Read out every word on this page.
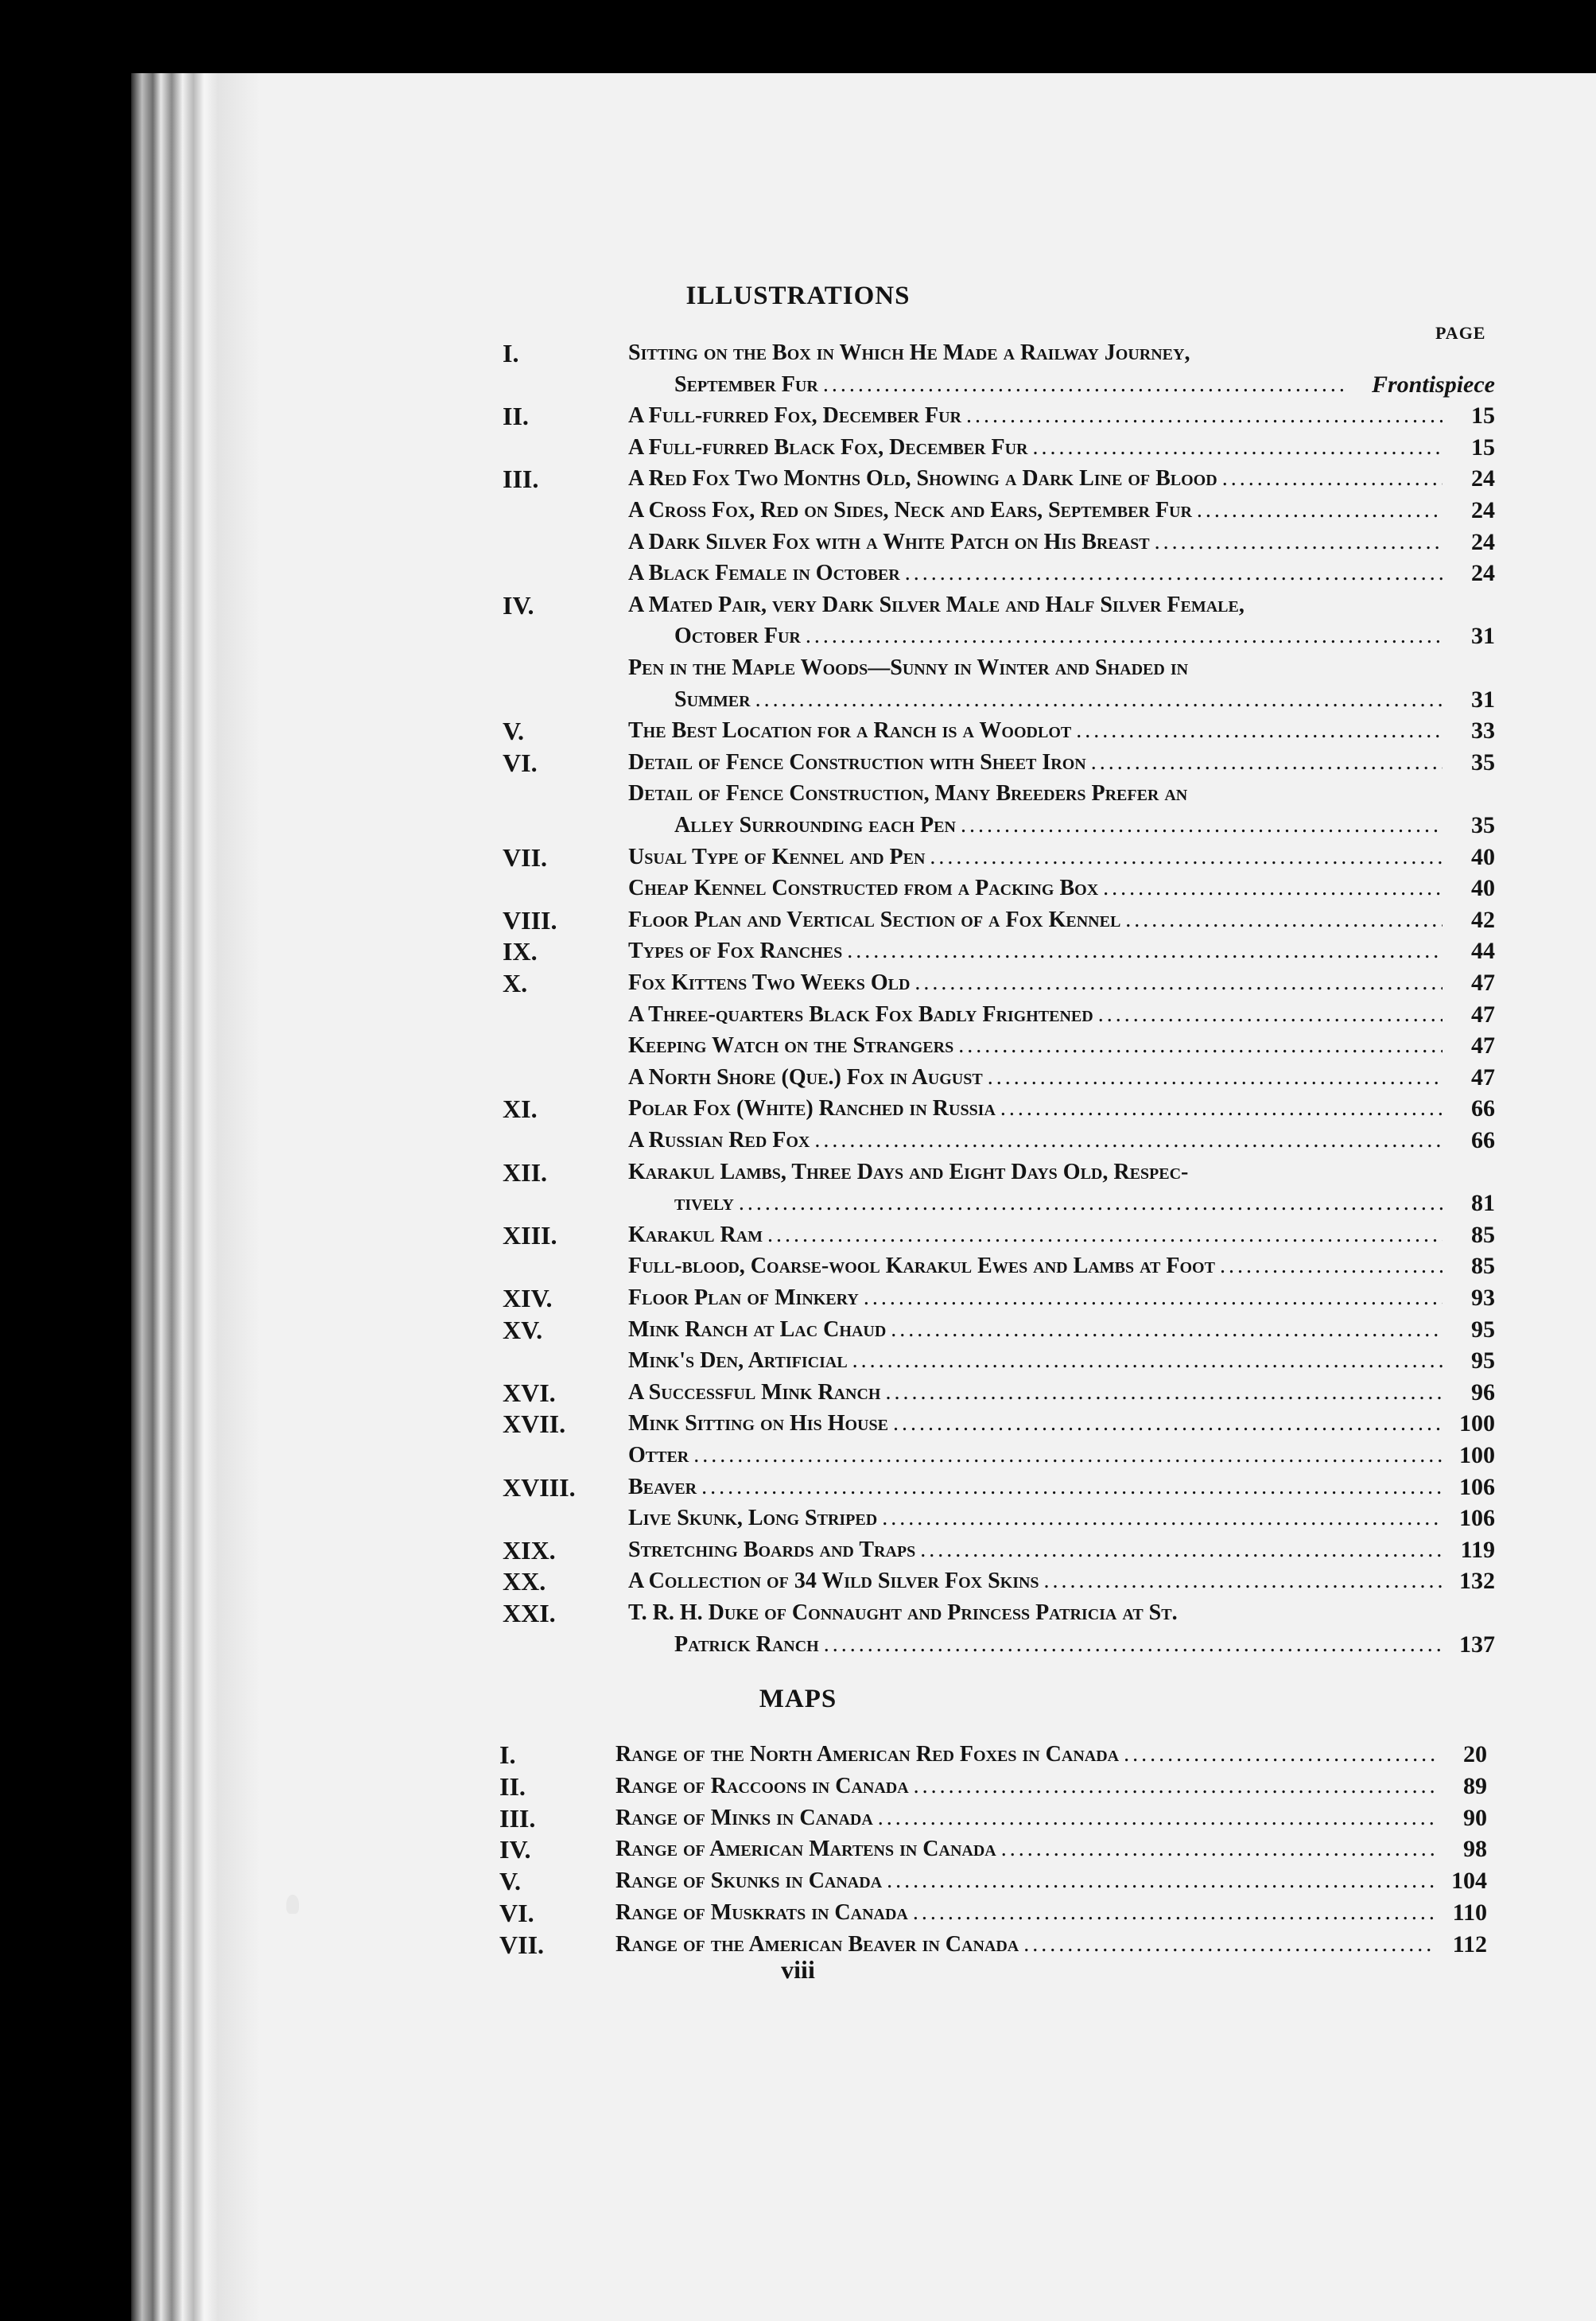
ILLUSTRATIONS
PAGE
I.	Sitting on the Box in Which He Made a Railway Journey,
September Fur .....	Frontispiece
II.	A Full-furred Fox, December Fur .....	15
A Full-furred Black Fox, December Fur .....	15
III.	A Red Fox Two Months Old, Showing a Dark Line of Blood .....	24
A Cross Fox, Red on Sides, Neck and Ears, September Fur .....	24
A Dark Silver Fox with a White Patch on His Breast .....	24
A Black Female in October .....	24
IV.	A Mated Pair, very Dark Silver Male and Half Silver Female,
October Fur .....	31
Pen in the Maple Woods—Sunny in Winter and Shaded in
Summer .....	31
V.	The Best Location for a Ranch is a Woodlot .....	33
VI.	Detail of Fence Construction with Sheet Iron .....	35
Detail of Fence Construction, Many Breeders Prefer an
Alley Surrounding each Pen .....	35
VII.	Usual Type of Kennel and Pen .....	40
Cheap Kennel Constructed from a Packing Box .....	40
VIII.	Floor Plan and Vertical Section of a Fox Kennel .....	42
IX.	Types of Fox Ranches .....	44
X.	Fox Kittens Two Weeks Old .....	47
A Three-quarters Black Fox Badly Frightened .....	47
Keeping Watch on the Strangers .....	47
A North Shore (Que.) Fox in August .....	47
XI.	Polar Fox (White) Ranched in Russia .....	66
A Russian Red Fox .....	66
XII.	Karakul Lambs, Three Days and Eight Days Old, Respec-
tively .....	81
XIII.	Karakul Ram .....	85
Full-blood, Coarse-wool Karakul Ewes and Lambs at Foot .....	85
XIV.	Floor Plan of Minkery .....	93
XV.	Mink Ranch at Lac Chaud .....	95
Mink's Den, Artificial .....	95
XVI.	A Successful Mink Ranch .....	96
XVII.	Mink Sitting on His House .....	100
Otter .....	100
XVIII. Beaver .....	106
Live Skunk, Long Striped .....	106
XIX.	Stretching Boards and Traps .....	119
XX.	A Collection of 34 Wild Silver Fox Skins .....	132
XXI.	T. R. H. Duke of Connaught and Princess Patricia at St.
Patrick Ranch .....	137
MAPS
I.	Range of the North American Red Foxes in Canada .....	20
II.	Range of Raccoons in Canada .....	89
III.	Range of Minks in Canada .....	90
IV.	Range of American Martens in Canada .....	98
V.	Range of Skunks in Canada .....	104
VI.	Range of Muskrats in Canada .....	110
VII.	Range of the American Beaver in Canada .....	112
viii
